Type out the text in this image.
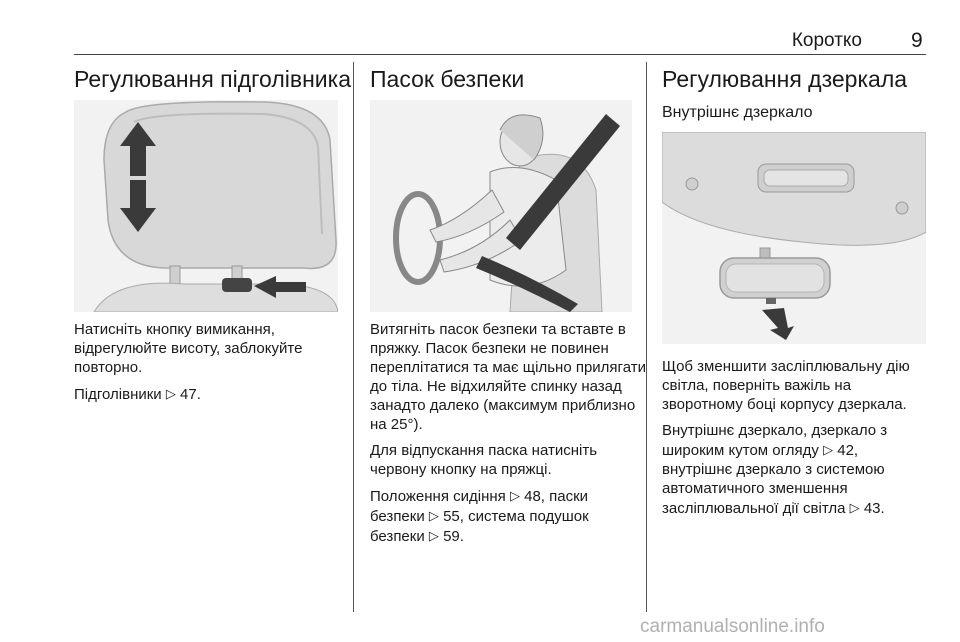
Коротко 9
Регулювання підголівника

Натисніть кнопку вимикання, відрегулюйте висоту, заблокуйте повторно.

Підголівники ▷ 47.

Пасок безпеки

Витягніть пасок безпеки та вставте в пряжку. Пасок безпеки не повинен переплітатися та має щільно прилягати до тіла. Не відхиляйте спинку назад занадто далеко (максимум приблизно на 25°).

Для відпускання паска натисніть червону кнопку на пряжці.

Положення сидіння ▷ 48, паски
безпеки ▷ 55, система подушок
безпеки ▷ 59.

Регулювання дзеркала
Внутрішнє дзеркало

Щоб зменшити засліплювальну дію світла, поверніть важіль на зворотному боці корпусу дзеркала.

Внутрішнє дзеркало, дзеркало з
широким кутом огляду ▷ 42,
внутрішнє дзеркало з системою
автоматичного зменшення
засліплювальної дії світла ▷ 43.

carmanualsonline.info
